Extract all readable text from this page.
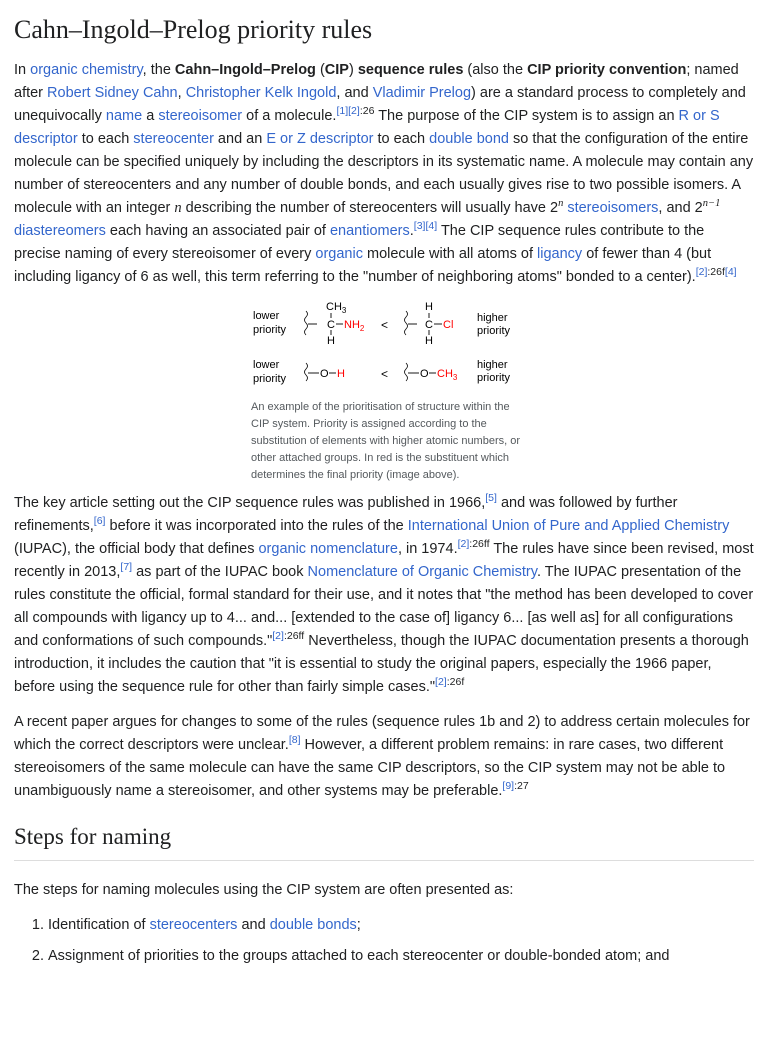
Cahn–Ingold–Prelog priority rules

In organic chemistry, the Cahn–Ingold–Prelog (CIP) sequence rules (also the CIP priority convention; named after Robert Sidney Cahn, Christopher Kelk Ingold, and Vladimir Prelog) are a standard process to completely and unequivocally name a stereoisomer of a molecule.$^{[1][2]:26}$ The purpose of the CIP system is to assign an R or S descriptor to each stereocenter and an E or Z descriptor to each double bond so that the configuration of the entire molecule can be specified uniquely by including the descriptors in its systematic name. A molecule may contain any number of stereocenters and any number of double bonds, and each usually gives rise to two possible isomers. A molecule with an integer n describing the number of stereocenters will usually have 2$^n$ stereoisomers, and $2^{n-1}$ diastereomers each having an associated pair of enantiomers.[3][4] The CIP sequence rules contribute to the precise naming of every stereoisomer of every organic molecule with all atoms of ligancy of fewer than 4 (but including ligancy of 6 as well, this term referring to the "number of neighboring atoms" bonded to a center).[2]:26f[4]

lower
priority
$CH_3$
C $NH_2$
H
<
H
C Cl
H
higher
priority
lower
priority	O H	<	O $CH_3$
higher
priority
An example of the prioritisation of structure within the CIP system. Priority is assigned according to the substitution of elements with higher atomic numbers, or other attached groups. In red is the substituent which determines the final priority (image above).

The key article setting out the CIP sequence rules was published in 1966,[5] and was followed by further refinements,[6] before it was incorporated into the rules of the International Union of Pure and Applied Chemistry (IUPAC), the official body that defines organic nomenclature, in 1974.$^{[2]:26ff}$ The rules have since been revised, most recently in 2013,[7] as part of the IUPAC book Nomenclature of Organic Chemistry. The IUPAC presentation of the rules constitute the official, formal standard for their use, and it notes that "the method has been developed to cover all compounds with ligancy up to 4... and... [extended to the case of] ligancy 6... [as well as] for all configurations and conformations of such compounds."$^{[2]:26ff}$ Nevertheless, though the IUPAC documentation presents a thorough introduction, it includes the caution that "it is essential to study the original papers, especially the 1966 paper, before using the sequence rule for other than fairly simple cases."$^{[2]:26f}$

A recent paper argues for changes to some of the rules (sequence rules 1b and 2) to address certain molecules for which the correct descriptors were unclear.[8] However, a different problem remains: in rare cases, two different stereoisomers of the same molecule can have the same CIP descriptors, so the CIP system may not be able to unambiguously name a stereoisomer, and other systems may be preferable.$^{[9]:27}$

Steps for naming

The steps for naming molecules using the CIP system are often presented as:

1. Identification of stereocenters and double bonds;
2. Assignment of priorities to the groups attached to each stereocenter or double-bonded atom; and
